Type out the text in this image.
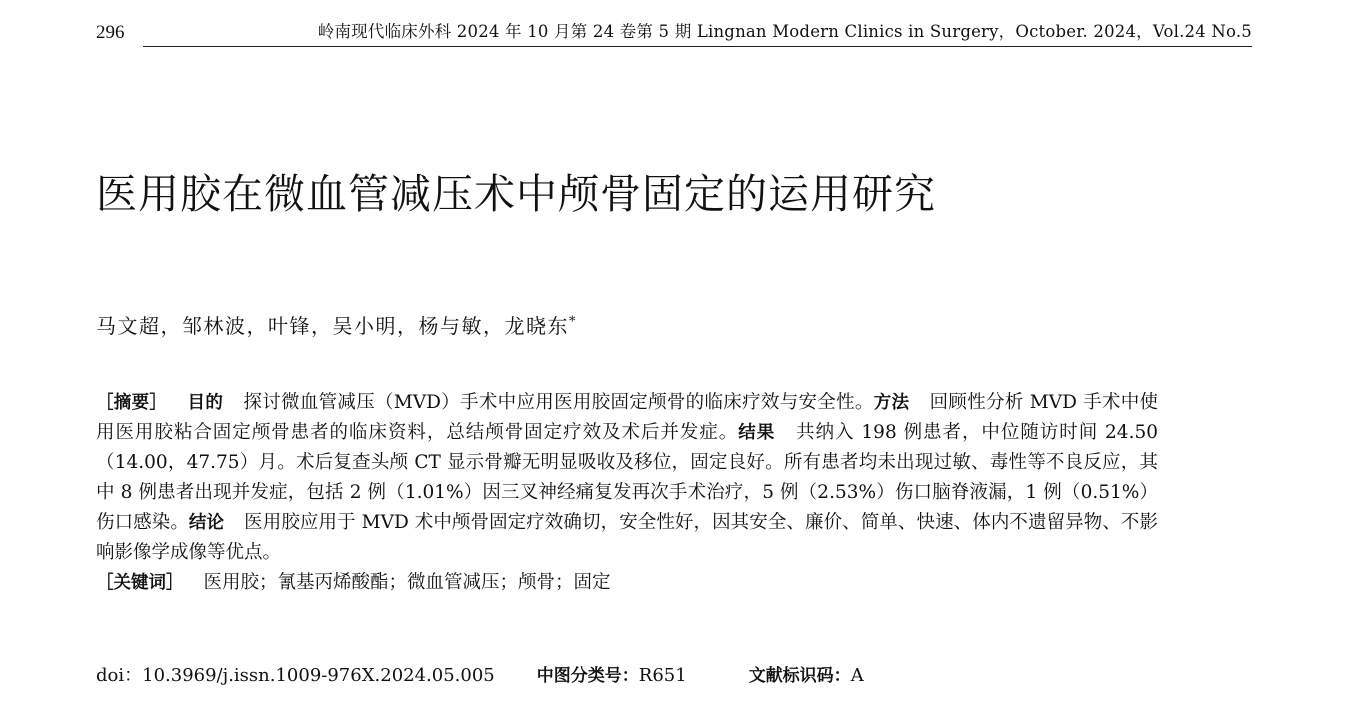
296	岭南现代临床外科 2024 年 10 月第 24 卷第 5 期 Lingnan Modern Clinics in Surgery，October. 2024，Vol.24 No.5
医用胶在微血管减压术中颅骨固定的运用研究
马文超，邹林波，叶锋，吴小明，杨与敏，龙晓东*

［摘要］ 目的 探讨微血管减压（MVD）手术中应用医用胶固定颅骨的临床疗效与安全性。方法 回顾性分析 MVD 手术中使用医用胶粘合固定颅骨患者的临床资料，总结颅骨固定疗效及术后并发症。结果 共纳入 198 例患者，中位随访时间 24.50（14.00，47.75）月。术后复查头颅 CT 显示骨瓣无明显吸收及移位，固定良好。所有患者均未出现过敏、毒性等不良反应，其中 8 例患者出现并发症，包括 2 例（1.01%）因三叉神经痛复发再次手术治疗，5 例（2.53%）伤口脑脊液漏，1 例（0.51%）伤口感染。结论 医用胶应用于 MVD 术中颅骨固定疗效确切，安全性好，因其安全、廉价、简单、快速、体内不遗留异物、不影响影像学成像等优点。

［关键词］ 医用胶；氰基丙烯酸酯；微血管减压；颅骨；固定

doi：10.3969/j.issn.1009-976X.2024.05.005 中图分类号：R651	文献标识码：A
